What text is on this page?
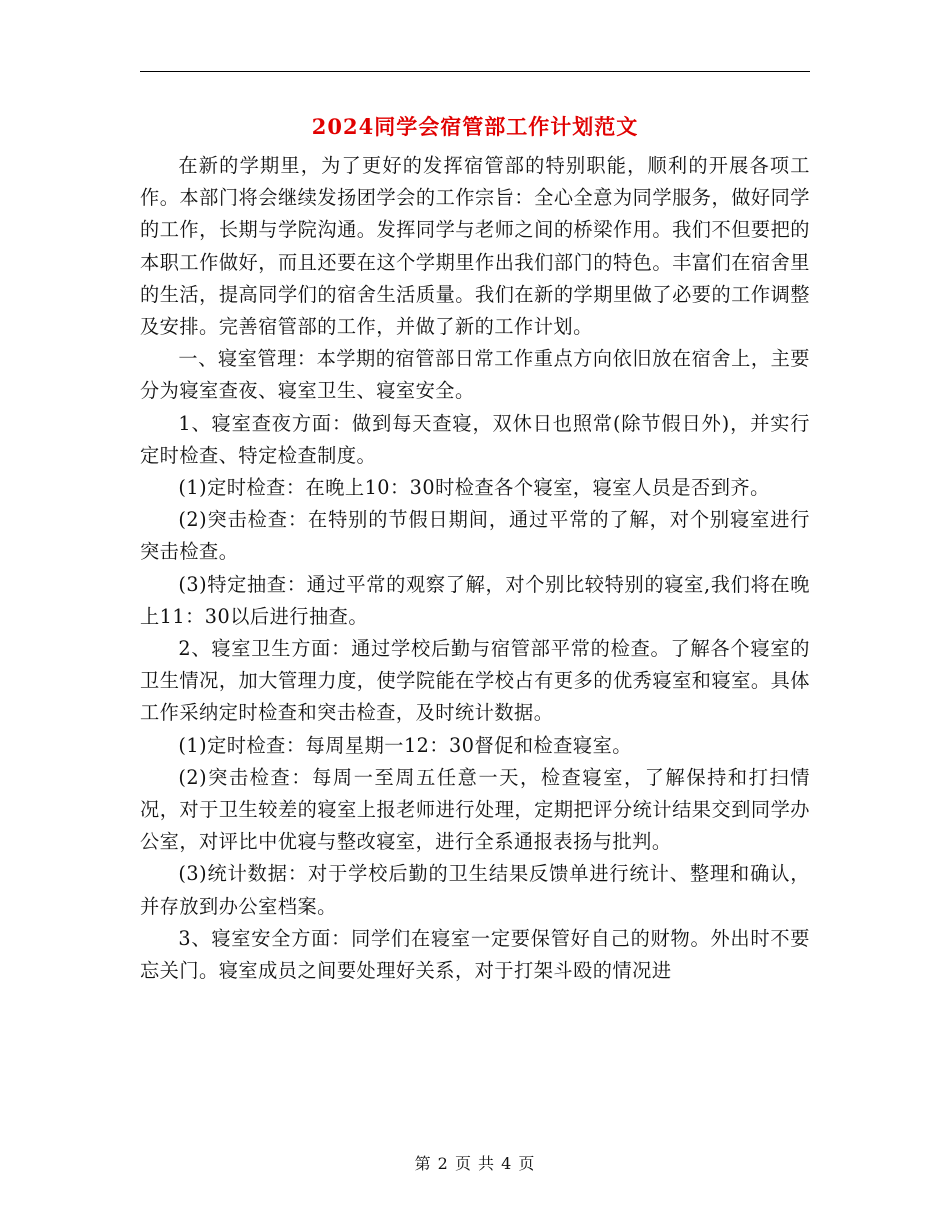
2024同学会宿管部工作计划范文

在新的学期里，为了更好的发挥宿管部的特别职能，顺利的开展各项工作。本部门将会继续发扬团学会的工作宗旨：全心全意为同学服务，做好同学的工作，长期与学院沟通。发挥同学与老师之间的桥梁作用。我们不但要把的本职工作做好，而且还要在这个学期里作出我们部门的特色。丰富们在宿舍里的生活，提高同学们的宿舍生活质量。我们在新的学期里做了必要的工作调整及安排。完善宿管部的工作，并做了新的工作计划。

一、寝室管理：本学期的宿管部日常工作重点方向依旧放在宿舍上，主要分为寝室查夜、寝室卫生、寝室安全。

1、寝室查夜方面：做到每天查寝，双休日也照常(除节假日外)，并实行定时检查、特定检查制度。

(1)定时检查：在晚上10：30时检查各个寝室，寝室人员是否到齐。

(2)突击检查：在特别的节假日期间，通过平常的了解，对个别寝室进行突击检查。

(3)特定抽查：通过平常的观察了解，对个别比较特别的寝室,我们将在晚上11：30以后进行抽查。

2、寝室卫生方面：通过学校后勤与宿管部平常的检查。了解各个寝室的卫生情况，加大管理力度，使学院能在学校占有更多的优秀寝室和寝室。具体工作采纳定时检查和突击检查，及时统计数据。

(1)定时检查：每周星期一12：30督促和检查寝室。

(2)突击检查：每周一至周五任意一天，检查寝室，了解保持和打扫情况，对于卫生较差的寝室上报老师进行处理，定期把评分统计结果交到同学办公室，对评比中优寝与整改寝室，进行全系通报表扬与批判。

(3)统计数据：对于学校后勤的卫生结果反馈单进行统计、整理和确认，并存放到办公室档案。

3、寝室安全方面：同学们在寝室一定要保管好自己的财物。外出时不要忘关门。寝室成员之间要处理好关系，对于打架斗殴的情况进

第 2 页 共 4 页
